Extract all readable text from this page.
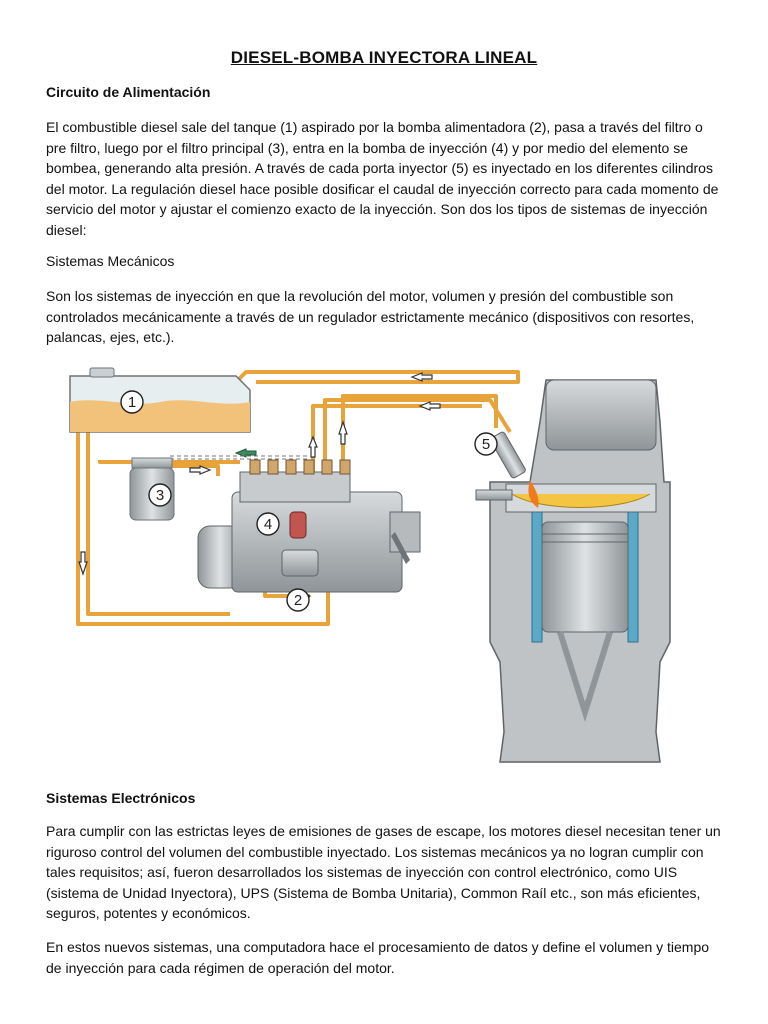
DIESEL-BOMBA INYECTORA LINEAL
Circuito de Alimentación

El combustible diesel sale del tanque (1) aspirado por la bomba alimentadora (2), pasa a través del filtro o pre filtro, luego por el filtro principal (3), entra en la bomba de inyección (4) y por medio del elemento se bombea, generando alta presión. A través de cada porta inyector (5) es inyectado en los diferentes cilindros del motor. La regulación diesel hace posible dosificar el caudal de inyección correcto para cada momento de servicio del motor y ajustar el comienzo exacto de la inyección. Son dos los tipos de sistemas de inyección diesel:

Sistemas Mecánicos

Son los sistemas de inyección en que la revolución del motor, volumen y presión del combustible son controlados mecánicamente a través de un regulador estrictamente mecánico (dispositivos con resortes, palancas, ejes, etc.).

1
3
4
2
5
Sistemas Electrónicos

Para cumplir con las estrictas leyes de emisiones de gases de escape, los motores diesel necesitan tener un riguroso control del volumen del combustible inyectado. Los sistemas mecánicos ya no logran cumplir con tales requisitos; así, fueron desarrollados los sistemas de inyección con control electrónico, como UIS (sistema de Unidad Inyectora), UPS (Sistema de Bomba Unitaria), Common Raíl etc., son más eficientes, seguros, potentes y económicos.

En estos nuevos sistemas, una computadora hace el procesamiento de datos y define el volumen y tiempo de inyección para cada régimen de operación del motor.
